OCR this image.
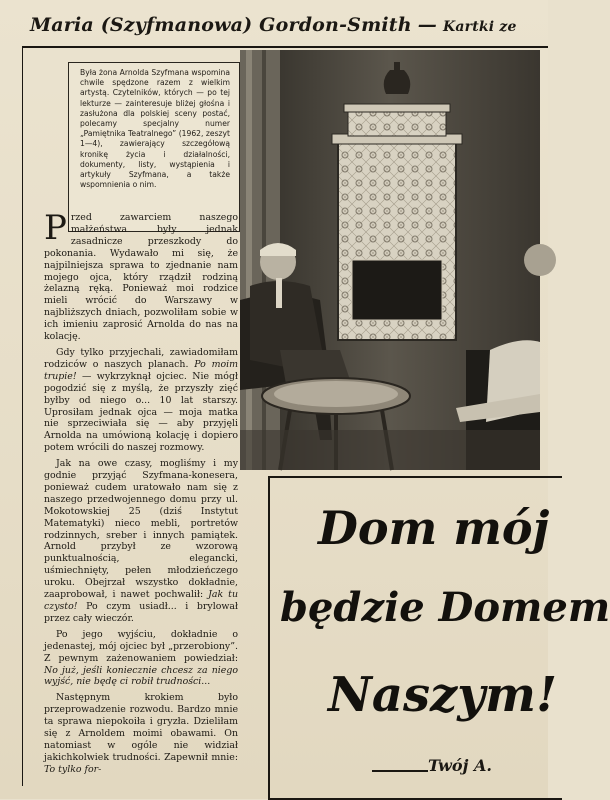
Maria (Szyfmanowa) Gordon-Smith — Kartki ze
Była żona Arnolda Szyfmana wspomina chwile spędzone razem z wielkim artystą. Czytelników, których — po tej lekturze — zainteresuje bliżej głośna i zasłużona dla polskiej sceny postać, polecamy specjalny numer „Pamiętnika Teatralnego” (1962, zeszyt 1—4), zawierający szczegółową kronikę życia i działalności, dokumenty, listy, wystąpienia i artykuły Szyfmana, a także wspomnienia o nim.

Przed zawarciem naszego małżeństwa były jednak zasadnicze przeszkody do pokonania. Wydawało mi się, że najpilniejsza sprawa to zjednanie nam mojego ojca, który rządził rodziną żelazną ręką. Ponieważ moi rodzice mieli wrócić do Warszawy w najbliższych dniach, pozwoliłam sobie w ich imieniu zaprosić Arnolda do nas na kolację.

Gdy tylko przyjechali, zawiadomiłam rodziców o naszych planach. Po moim trupie! — wykrzyknął ojciec. Nie mógł pogodzić się z myślą, że przyszły zięć byłby od niego o... 10 lat starszy. Uprosiłam jednak ojca — moja matka nie sprzeciwiała się — aby przyjęli Arnolda na umówioną kolację i dopiero potem wrócili do naszej rozmowy.

Jak na owe czasy, mogliśmy i my godnie przyjąć Szyfmana-konesera, ponieważ cudem uratowało nam się z naszego przedwojennego domu przy ul. Mokotowskiej 25 (dziś Instytut Matematyki) nieco mebli, portretów rodzinnych, sreber i innych pamiątek. Arnold przybył ze wzorową punktualnością, elegancki, uśmiechnięty, pełen młodzieńczego uroku. Obejrzał wszystko dokładnie, zaaprobował, i nawet pochwalił: Jak tu czysto! Po czym usiadł... i brylował przez cały wieczór.

Po jego wyjściu, dokładnie o jedenastej, mój ojciec był „przerobiony”. Z pewnym zażenowaniem powiedział: No już, jeśli koniecznie chcesz za niego wyjść, nie będę ci robił trudności...

Następnym krokiem było przeprowadzenie rozwodu. Bardzo mnie ta sprawa niepokoiła i gryzła. Dzieliłam się z Arnoldem moimi obawami. On natomiast w ogóle nie widział jakichkolwiek trudności. Zapewnił mnie: To tylko for-

Dom mój
będzie Domem
Naszym!
Twój A.
